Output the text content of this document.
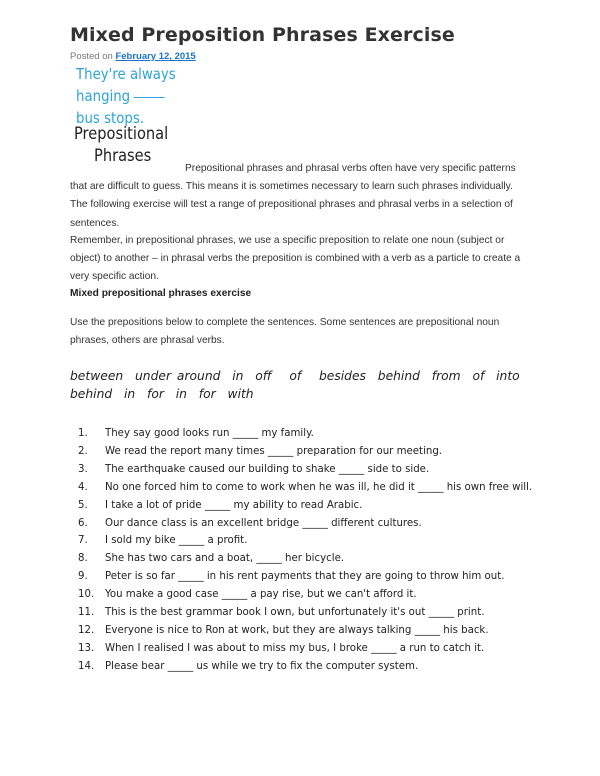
Mixed Preposition Phrases Exercise
Posted on February 12, 2015
They're always
hanging
bus stops.
Prepositional
Phrases
Prepositional phrases and phrasal verbs often have very specific patterns that are difficult to guess. This means it is sometimes necessary to learn such phrases individually. The following exercise will test a range of prepositional phrases and phrasal verbs in a selection of sentences.
Remember, in prepositional phrases, we use a specific preposition to relate one noun (subject or object) to another – in phrasal verbs the preposition is combined with a verb as a particle to create a very specific action.
Mixed prepositional phrases exercise
Use the prepositions below to complete the sentences. Some sentences are prepositional noun phrases, others are phrasal verbs.
between  under around  in  off   of   besides  behind  from  of  into behind  in  for  in  for  with
1. They say good looks run _____ my family.
2. We read the report many times _____ preparation for our meeting.
3. The earthquake caused our building to shake _____ side to side.
4. No one forced him to come to work when he was ill, he did it _____ his own free will.
5. I take a lot of pride _____ my ability to read Arabic.
6. Our dance class is an excellent bridge _____ different cultures.
7. I sold my bike _____ a profit.
8. She has two cars and a boat, _____ her bicycle.
9. Peter is so far _____ in his rent payments that they are going to throw him out.
10. You make a good case _____ a pay rise, but we can't afford it.
11. This is the best grammar book I own, but unfortunately it's out _____ print.
12. Everyone is nice to Ron at work, but they are always talking _____ his back.
13. When I realised I was about to miss my bus, I broke _____ a run to catch it.
14. Please bear _____ us while we try to fix the computer system.
